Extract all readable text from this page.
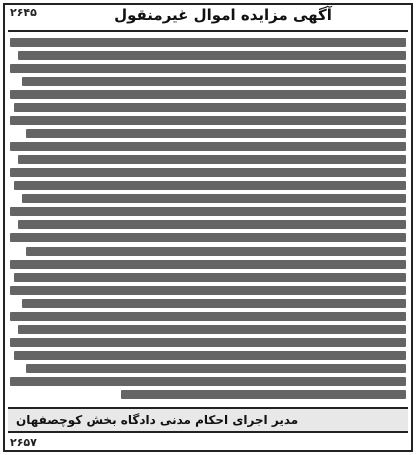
۲۶۴۵	آگهی مزایده اموال غیرمنقول
مدیر اجرای احکام مدنی دادگاه بخش کوچصفهان
۲۶۵۷
